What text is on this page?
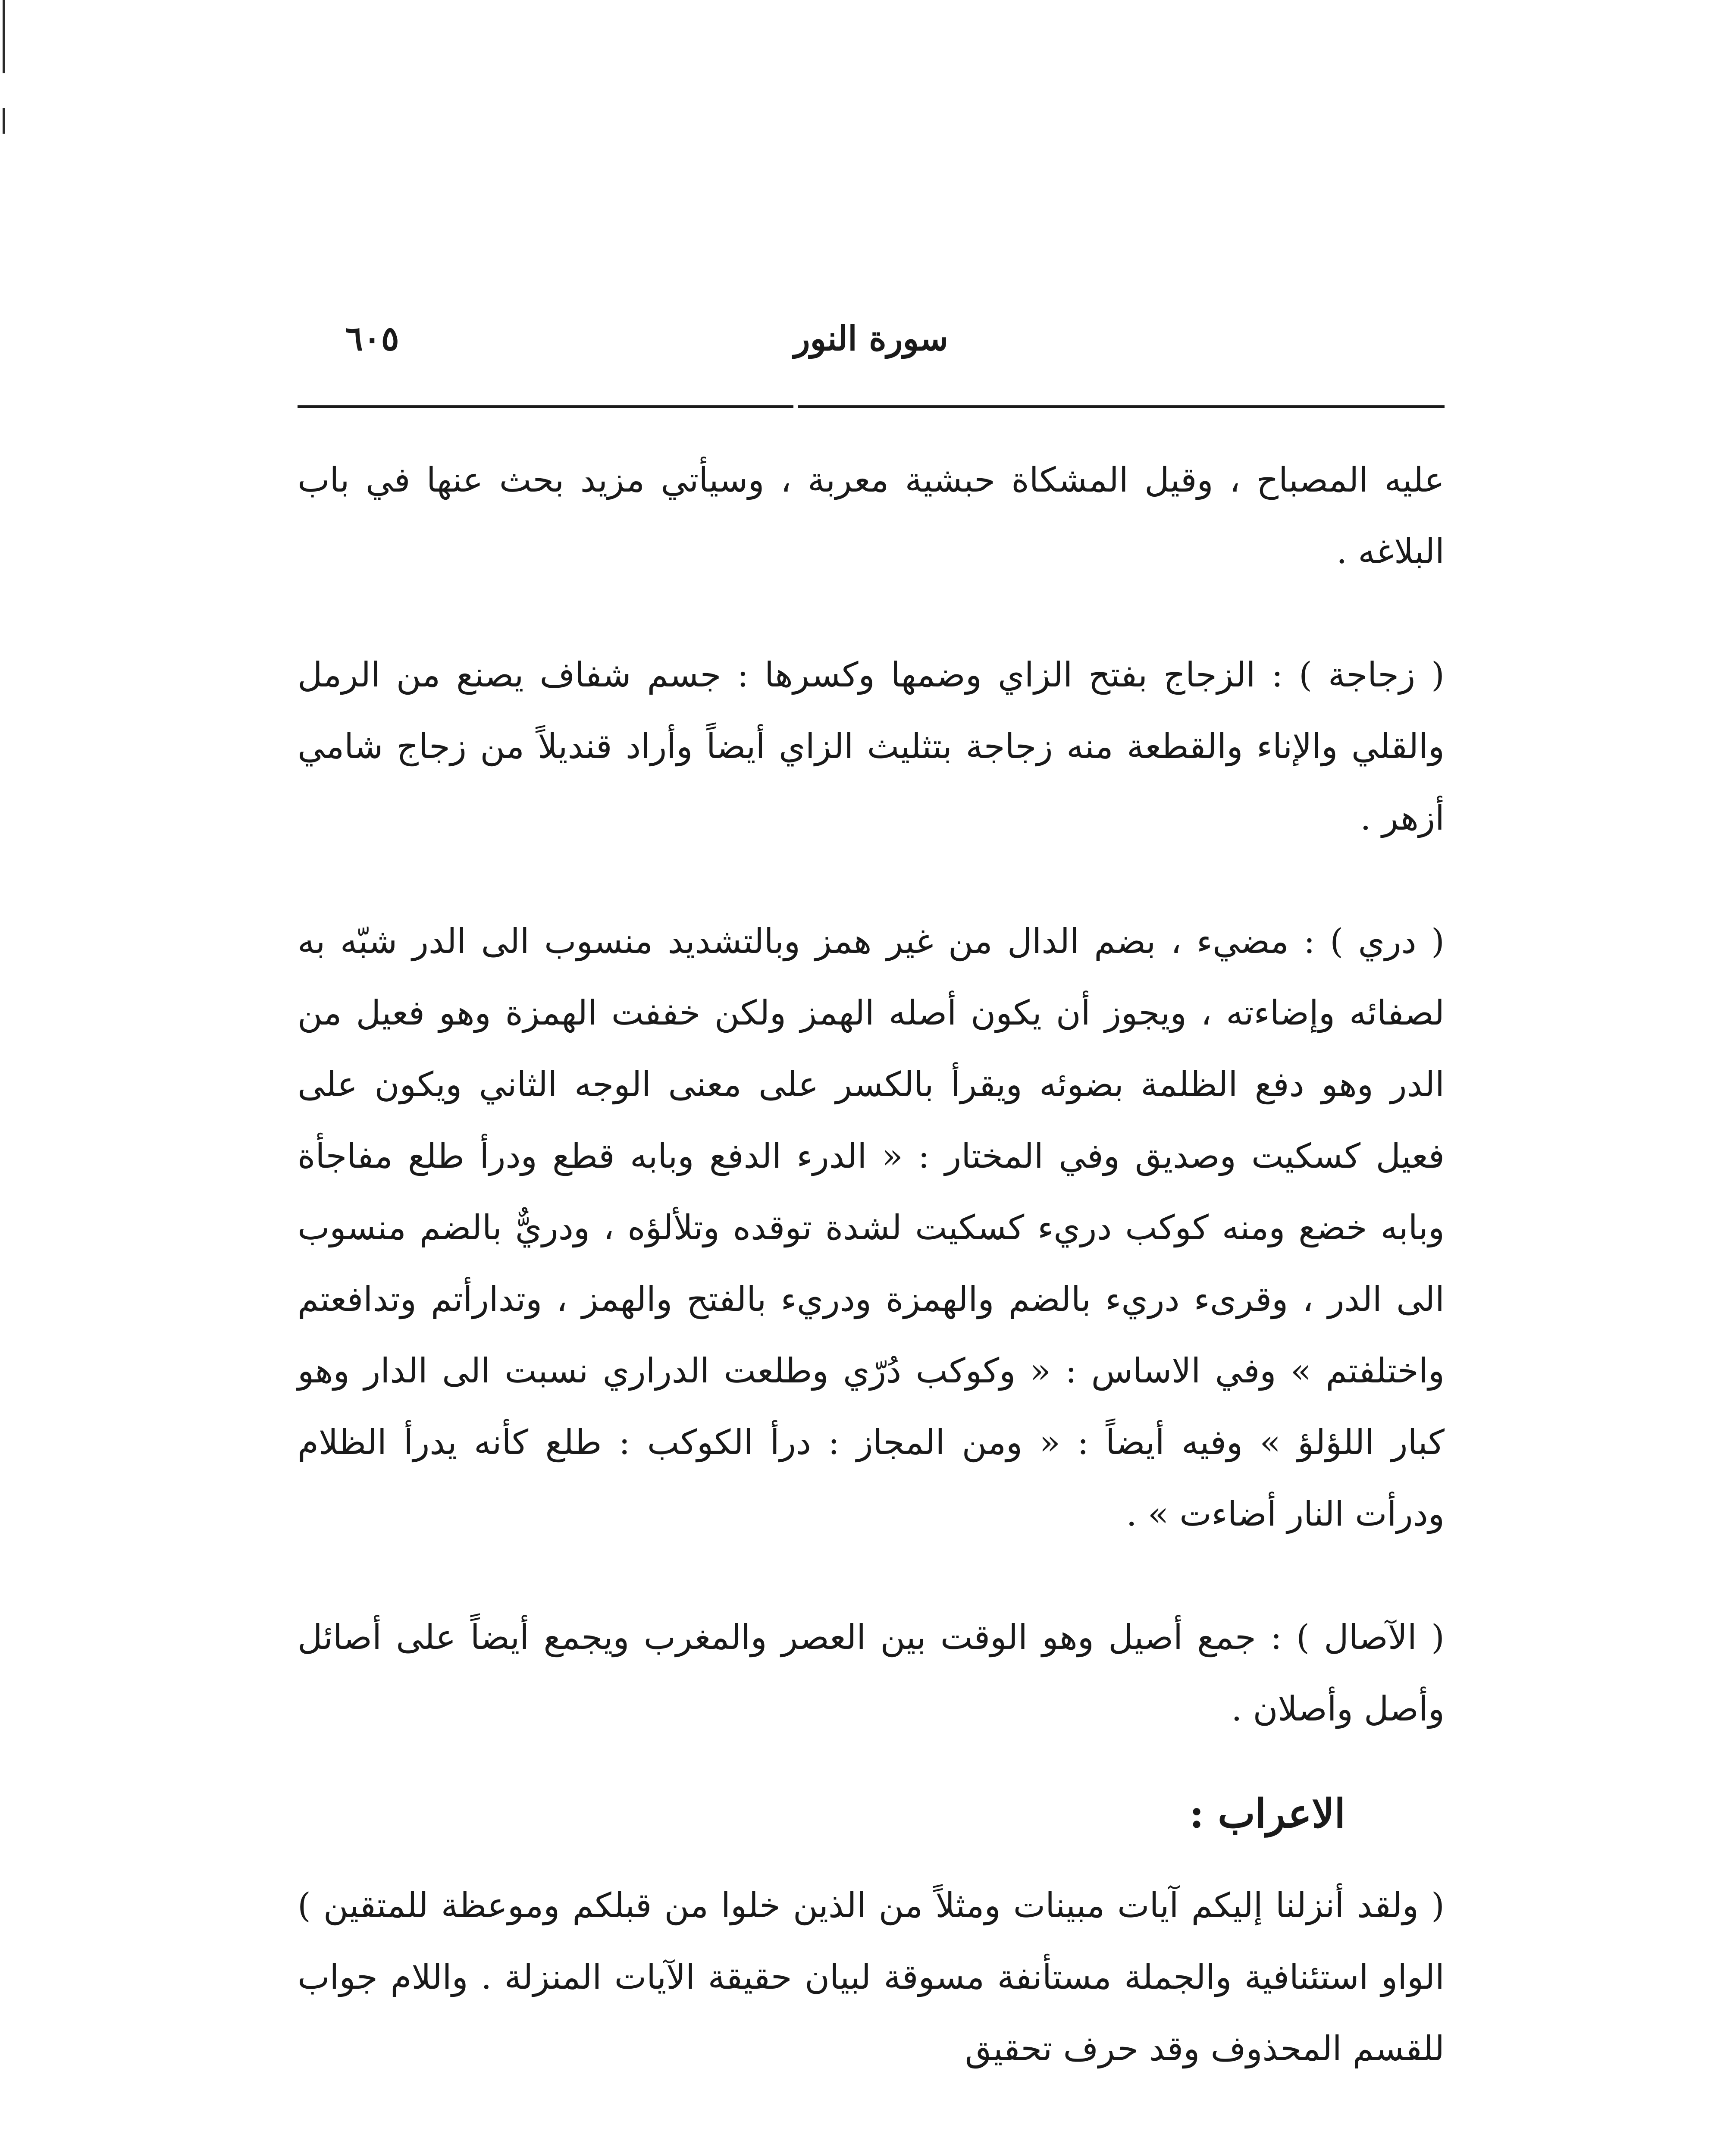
سورة النور
٦٠٥

عليه المصباح ، وقيل المشكاة حبشية معربة ، وسيأتي مزيد بحث عنها في باب البلاغه .

( زجاجة ) : الزجاج بفتح الزاي وضمها وكسرها : جسم شفاف يصنع من الرمل والقلي والإناء والقطعة منه زجاجة بتثليث الزاي أيضاً وأراد قنديلاً من زجاج شامي أزهر .

( دري ) : مضيء ، بضم الدال من غير همز وبالتشديد منسوب الى الدر شبّه به لصفائه وإضاءته ، ويجوز أن يكون أصله الهمز ولكن خففت الهمزة وهو فعيل من الدر وهو دفع الظلمة بضوئه ويقرأ بالكسر على معنى الوجه الثاني ويكون على فعيل كسكيت وصديق وفي المختار : « الدرء الدفع وبابه قطع ودرأ طلع مفاجأة وبابه خضع ومنه كوكب دريء كسكيت لشدة توقده وتلألؤه ، ودريٌّ بالضم منسوب الى الدر ، وقرىء دريء بالضم والهمزة ودريء بالفتح والهمز ، وتدارأتم وتدافعتم واختلفتم » وفي الاساس : « وكوكب دُرّي وطلعت الدراري نسبت الى الدار وهو كبار اللؤلؤ » وفيه أيضاً : « ومن المجاز : درأ الكوكب : طلع كأنه يدرأ الظلام ودرأت النار أضاءت » .

( الآصال ) : جمع أصيل وهو الوقت بين العصر والمغرب ويجمع أيضاً على أصائل وأصل وأصلان .

الاعراب :

( ولقد أنزلنا إليكم آيات مبينات ومثلاً من الذين خلوا من قبلكم وموعظة للمتقين ) الواو استئنافية والجملة مستأنفة مسوقة لبيان حقيقة الآيات المنزلة . واللام جواب للقسم المحذوف وقد حرف تحقيق
